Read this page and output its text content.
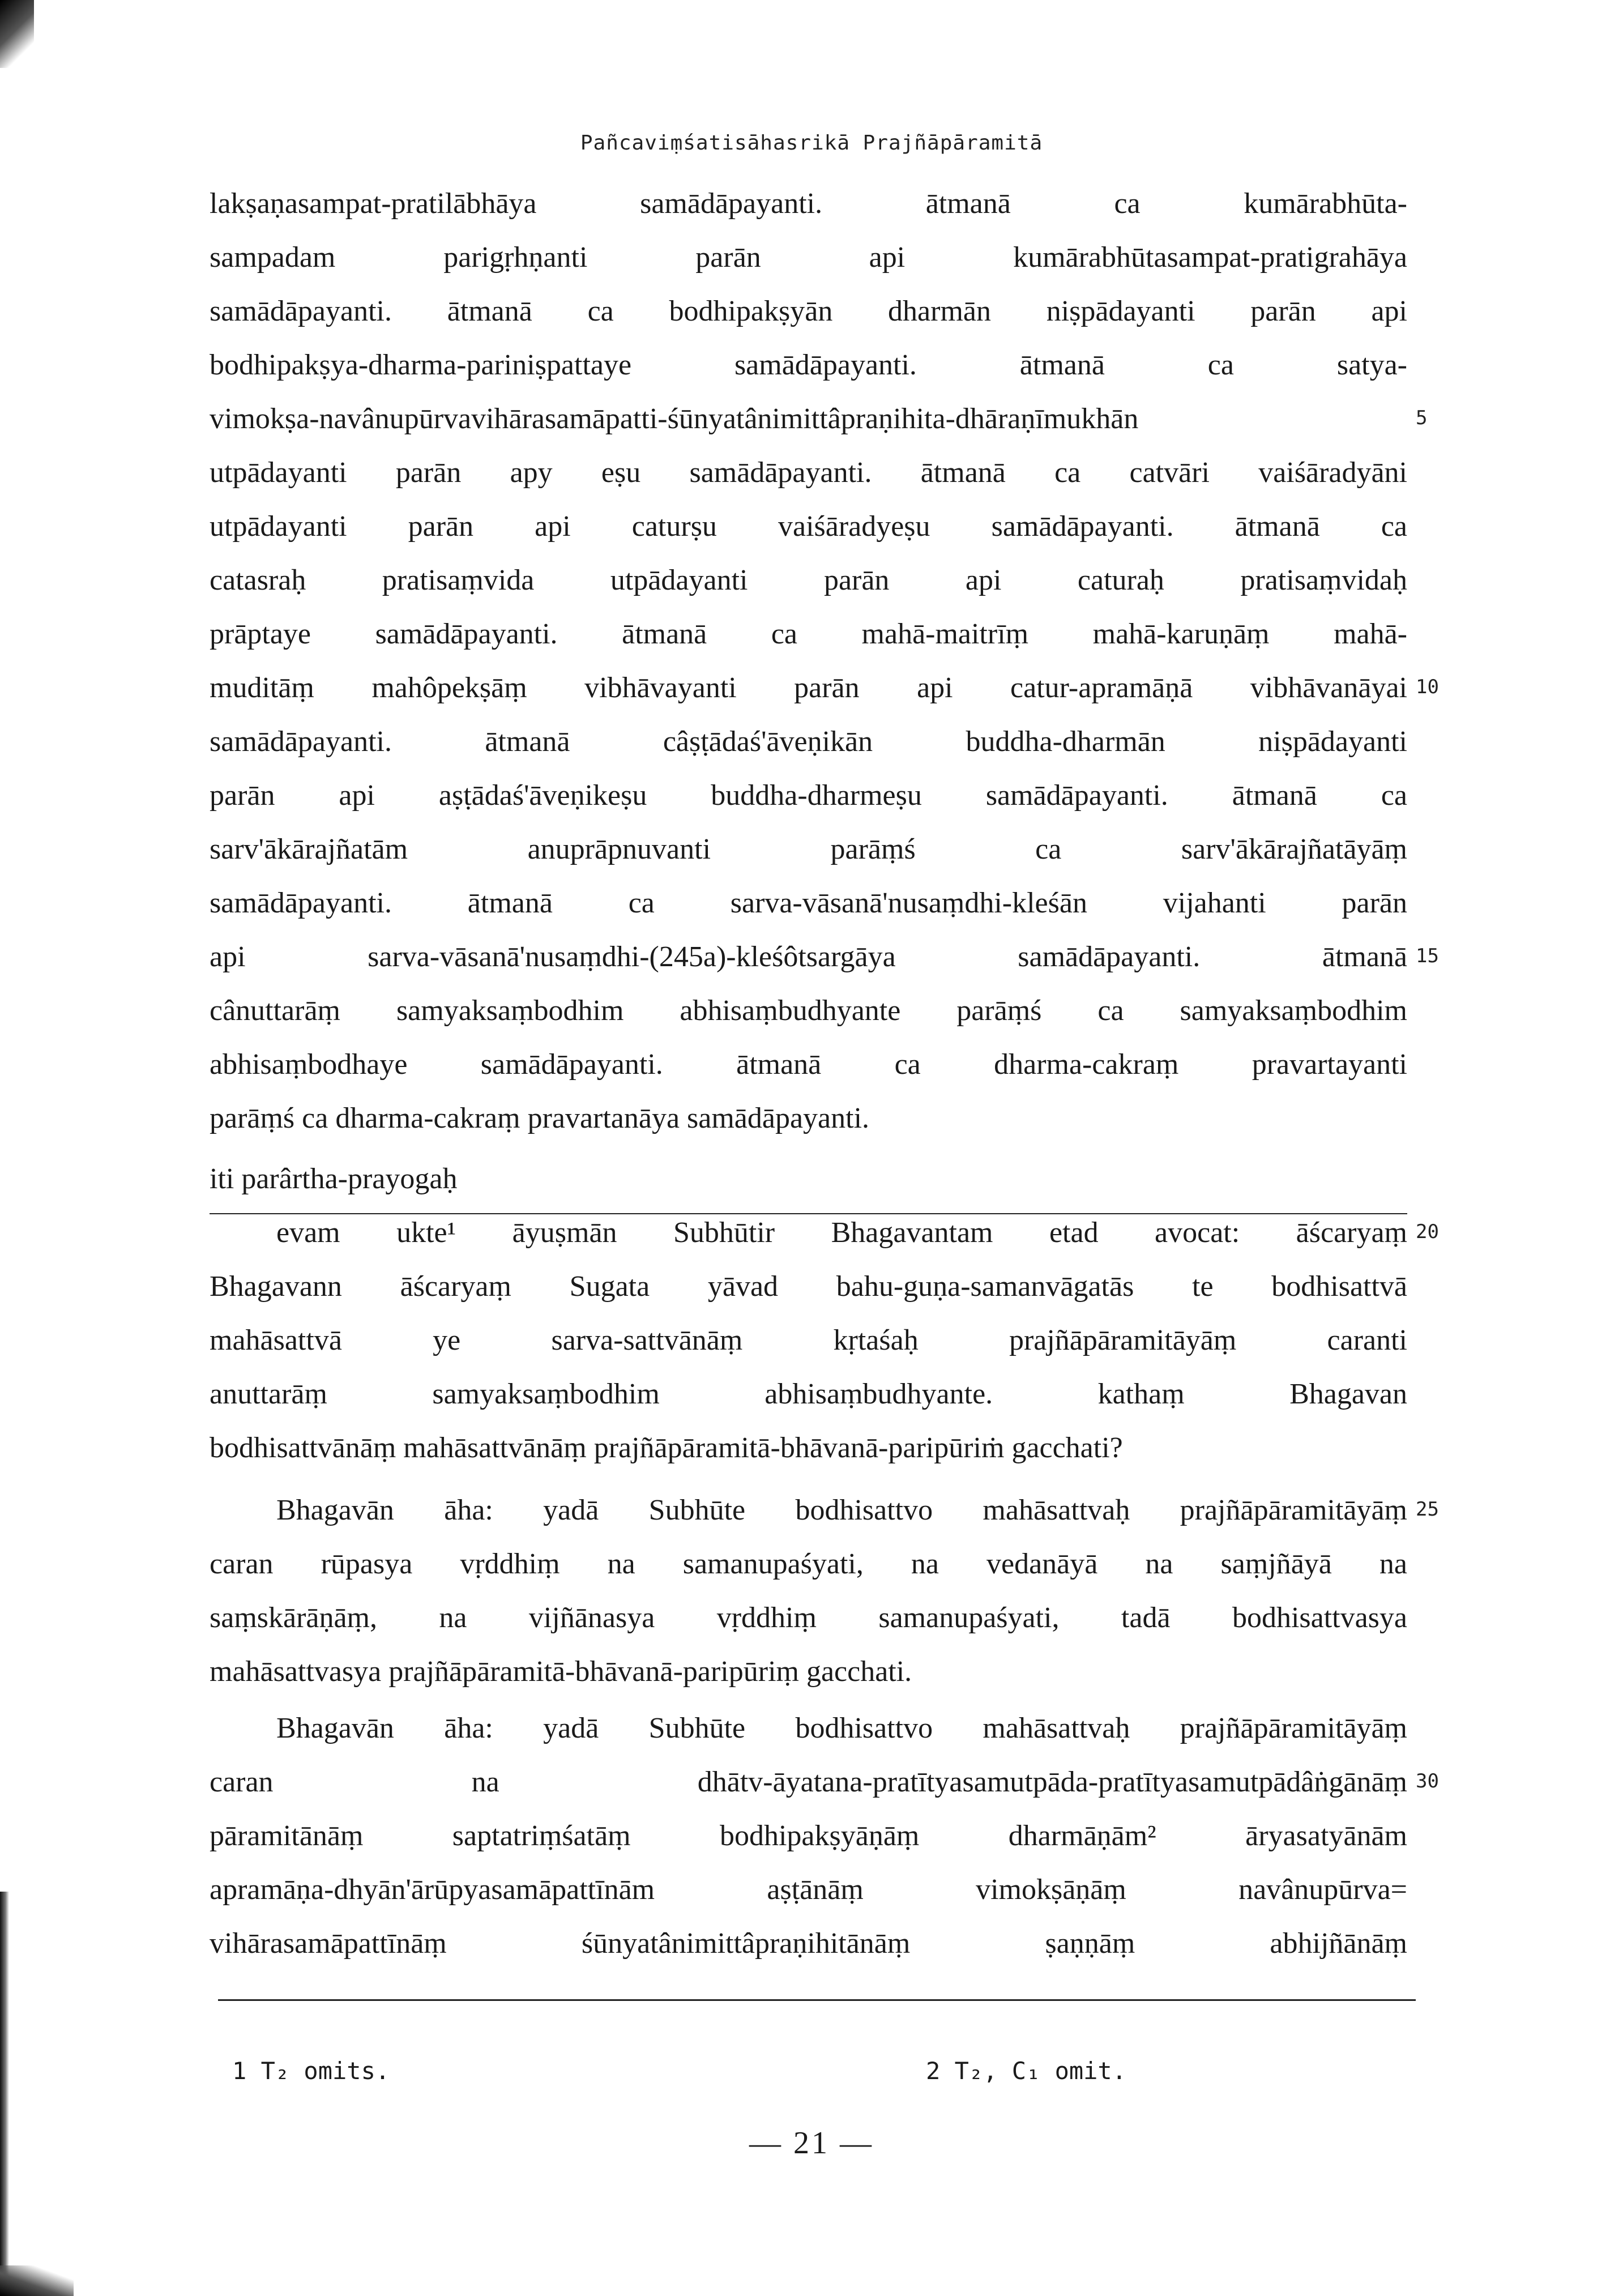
Pañcaviṃśatisāhasrikā Prajñāpāramitā
lakṣaṇasampat-pratilābhāya samādāpayanti. ātmanā ca kumārabhūta-
sampadam parigṛhṇanti parān api kumārabhūtasampat-pratigrahāya
samādāpayanti. ātmanā ca bodhipakṣyān dharmān niṣpādayanti parān api
bodhipakṣya-dharma-pariniṣpattaye samādāpayanti. ātmanā ca satya-
vimokṣa-navânupūrvavihārasamāpatti-śūnyatânimittâpraṇihita-dhāraṇīmukhān
utpādayanti parān apy eṣu samādāpayanti. ātmanā ca catvāri vaiśāradyāni
utpādayanti parān api caturṣu vaiśāradyeṣu samādāpayanti. ātmanā ca
catasraḥ pratisaṃvida utpādayanti parān api caturaḥ pratisaṃvidaḥ
prāptaye samādāpayanti. ātmanā ca mahā-maitrīṃ mahā-karuṇāṃ mahā-
muditāṃ mahôpekṣāṃ vibhāvayanti parān api catur-apramāṇā vibhāvanāyai
samādāpayanti. ātmanā câṣṭādaś'āveṇikān buddha-dharmān niṣpādayanti
parān api aṣṭādaś'āveṇikeṣu buddha-dharmeṣu samādāpayanti. ātmanā ca
sarv'ākārajñatām anuprāpnuvanti parāṃś ca sarv'ākārajñatāyāṃ
samādāpayanti. ātmanā ca sarva-vāsanā'nusaṃdhi-kleśān vijahanti parān
api sarva-vāsanā'nusaṃdhi-(245a)-kleśôtsargāya samādāpayanti. ātmanā
cânuttarāṃ samyaksaṃbodhim abhisaṃbudhyante parāṃś ca samyaksaṃbodhim
abhisaṃbodhaye samādāpayanti. ātmanā ca dharma-cakraṃ pravartayanti
parāṃś ca dharma-cakraṃ pravartanāya samādāpayanti.
iti parârtha-prayogaḥ
evam ukte¹ āyuṣmān Subhūtir Bhagavantam etad avocat: āścaryaṃ
Bhagavann āścaryaṃ Sugata yāvad bahu-guṇa-samanvāgatās te bodhisattvā
mahāsattvā ye sarva-sattvānāṃ kṛtaśaḥ prajñāpāramitāyāṃ caranti
anuttarāṃ samyaksaṃbodhim abhisaṃbudhyante. kathaṃ Bhagavan
bodhisattvānāṃ mahāsattvānāṃ prajñāpāramitā-bhāvanā-paripūriṁ gacchati?
Bhagavān āha: yadā Subhūte bodhisattvo mahāsattvaḥ prajñāpāramitāyāṃ
caran rūpasya vṛddhiṃ na samanupaśyati, na vedanāyā na saṃjñāyā na
saṃskārāṇāṃ, na vijñānasya vṛddhiṃ samanupaśyati, tadā bodhisattvasya
mahāsattvasya prajñāpāramitā-bhāvanā-paripūriṃ gacchati.
Bhagavān āha: yadā Subhūte bodhisattvo mahāsattvaḥ prajñāpāramitāyāṃ
caran na dhātv-āyatana-pratītyasamutpāda-pratītyasamutpādâṅgānāṃ
pāramitānāṃ saptatriṃśatāṃ bodhipakṣyāṇāṃ dharmāṇām² āryasatyānām
apramāṇa-dhyān'ārūpyasamāpattīnām aṣṭānāṃ vimokṣāṇāṃ navânupūrva=
vihārasamāpattīnāṃ śūnyatânimittâpraṇihitānāṃ ṣaṇṇāṃ abhijñānāṃ
5
10
15
20
25
30
1 T₂ omits.	2 T₂, C₁ omit.
— 21 —
